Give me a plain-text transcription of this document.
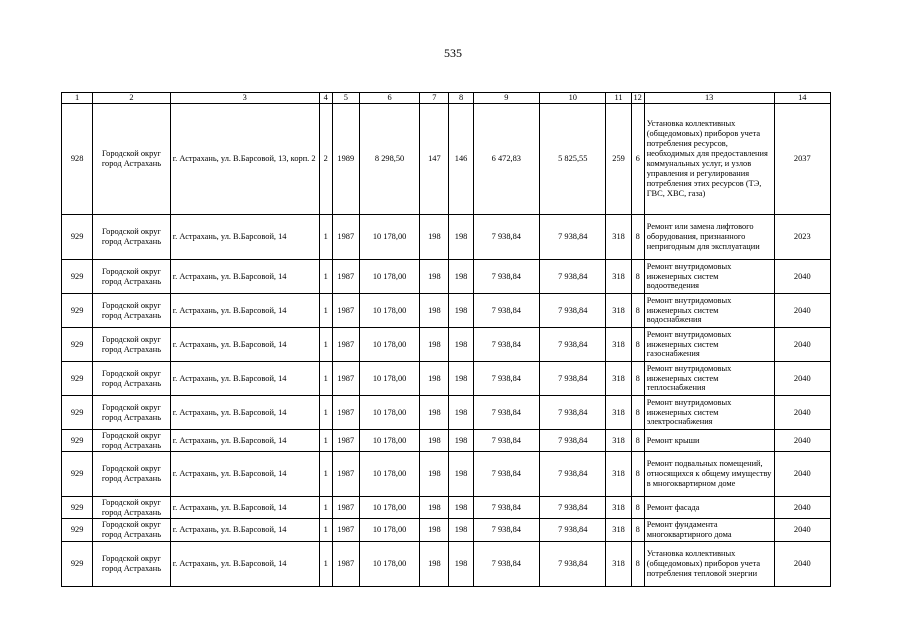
535
1	2	3	4	5	6	7	8	9	10	11	12	13	14
928	Городской округ город Астрахань	г. Астрахань, ул. В.Барсовой, 13, корп. 2	2	1989	8 298,50	147	146	6 472,83	5 825,55	259	6	Установка коллективных (общедомовых) приборов учета потребления ресурсов, необходимых для предоставления коммунальных услуг, и узлов управления и регулирования потребления этих ресурсов (ТЭ, ГВС, ХВС, газа)	2037
929	Городской округ город Астрахань	г. Астрахань, ул. В.Барсовой, 14	1	1987	10 178,00	198	198	7 938,84	7 938,84	318	8	Ремонт или замена лифтового оборудования, признанного непригодным для эксплуатации	2023
929	Городской округ город Астрахань	г. Астрахань, ул. В.Барсовой, 14	1	1987	10 178,00	198	198	7 938,84	7 938,84	318	8	Ремонт внутридомовых инженерных систем водоотведения	2040
929	Городской округ город Астрахань	г. Астрахань, ул. В.Барсовой, 14	1	1987	10 178,00	198	198	7 938,84	7 938,84	318	8	Ремонт внутридомовых инженерных систем водоснабжения	2040
929	Городской округ город Астрахань	г. Астрахань, ул. В.Барсовой, 14	1	1987	10 178,00	198	198	7 938,84	7 938,84	318	8	Ремонт внутридомовых инженерных систем газоснабжения	2040
929	Городской округ город Астрахань	г. Астрахань, ул. В.Барсовой, 14	1	1987	10 178,00	198	198	7 938,84	7 938,84	318	8	Ремонт внутридомовых инженерных систем теплоснабжения	2040
929	Городской округ город Астрахань	г. Астрахань, ул. В.Барсовой, 14	1	1987	10 178,00	198	198	7 938,84	7 938,84	318	8	Ремонт внутридомовых инженерных систем электроснабжения	2040
929	Городской округ город Астрахань	г. Астрахань, ул. В.Барсовой, 14	1	1987	10 178,00	198	198	7 938,84	7 938,84	318	8	Ремонт крыши	2040
929	Городской округ город Астрахань	г. Астрахань, ул. В.Барсовой, 14	1	1987	10 178,00	198	198	7 938,84	7 938,84	318	8	Ремонт подвальных помещений, относящихся к общему имуществу в многоквартирном доме	2040
929	Городской округ город Астрахань	г. Астрахань, ул. В.Барсовой, 14	1	1987	10 178,00	198	198	7 938,84	7 938,84	318	8	Ремонт фасада	2040
929	Городской округ город Астрахань	г. Астрахань, ул. В.Барсовой, 14	1	1987	10 178,00	198	198	7 938,84	7 938,84	318	8	Ремонт фундамента многоквартирного дома	2040
929	Городской округ город Астрахань	г. Астрахань, ул. В.Барсовой, 14	1	1987	10 178,00	198	198	7 938,84	7 938,84	318	8	Установка коллективных (общедомовых) приборов учета потребления тепловой энергии	2040
